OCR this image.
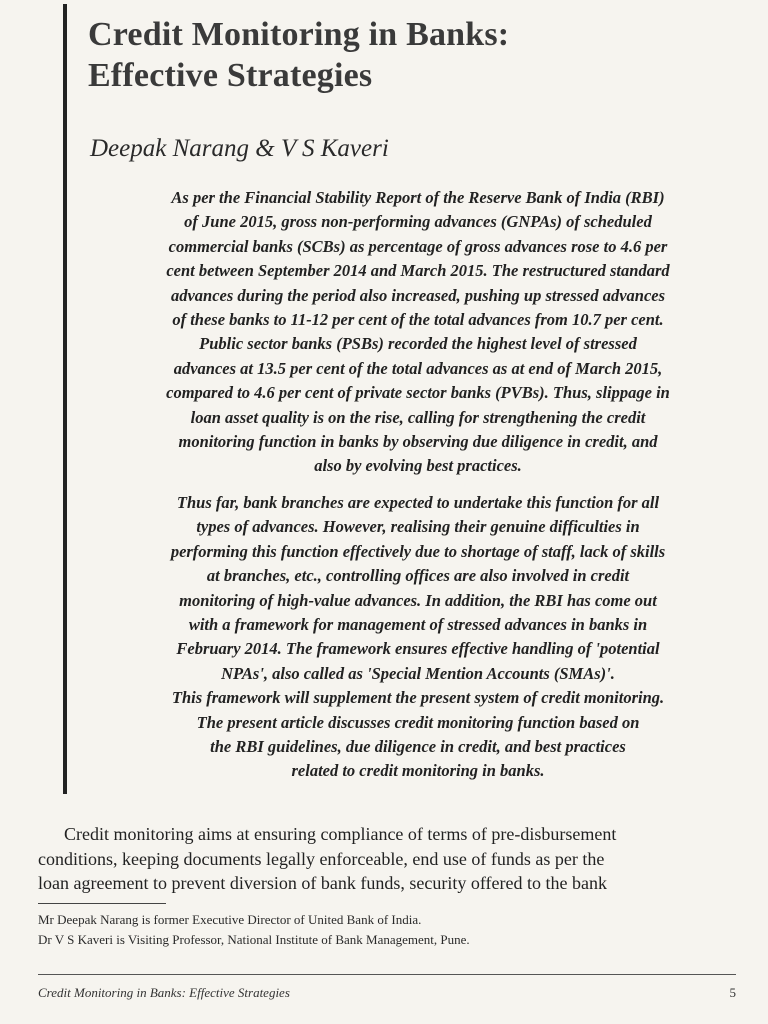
Credit Monitoring in Banks:
Effective Strategies

Deepak Narang & V S Kaveri

As per the Financial Stability Report of the Reserve Bank of India (RBI)
of June 2015, gross non-performing advances (GNPAs) of scheduled
commercial banks (SCBs) as percentage of gross advances rose to 4.6 per
cent between September 2014 and March 2015. The restructured standard
advances during the period also increased, pushing up stressed advances
of these banks to 11-12 per cent of the total advances from 10.7 per cent.
Public sector banks (PSBs) recorded the highest level of stressed
advances at 13.5 per cent of the total advances as at end of March 2015,
compared to 4.6 per cent of private sector banks (PVBs). Thus, slippage in
loan asset quality is on the rise, calling for strengthening the credit
monitoring function in banks by observing due diligence in credit, and
also by evolving best practices.

Thus far, bank branches are expected to undertake this function for all
types of advances. However, realising their genuine difficulties in
performing this function effectively due to shortage of staff, lack of skills
at branches, etc., controlling offices are also involved in credit
monitoring of high-value advances. In addition, the RBI has come out
with a framework for management of stressed advances in banks in
February 2014. The framework ensures effective handling of 'potential
NPAs', also called as 'Special Mention Accounts (SMAs)'.
This framework will supplement the present system of credit monitoring.
The present article discusses credit monitoring function based on
the RBI guidelines, due diligence in credit, and best practices
related to credit monitoring in banks.

Credit monitoring aims at ensuring compliance of terms of pre-disbursement
conditions, keeping documents legally enforceable, end use of funds as per the
loan agreement to prevent diversion of bank funds, security offered to the bank
Mr Deepak Narang is former Executive Director of United Bank of India.
Dr V S Kaveri is Visiting Professor, National Institute of Bank Management, Pune.
Credit Monitoring in Banks: Effective Strategies	5
